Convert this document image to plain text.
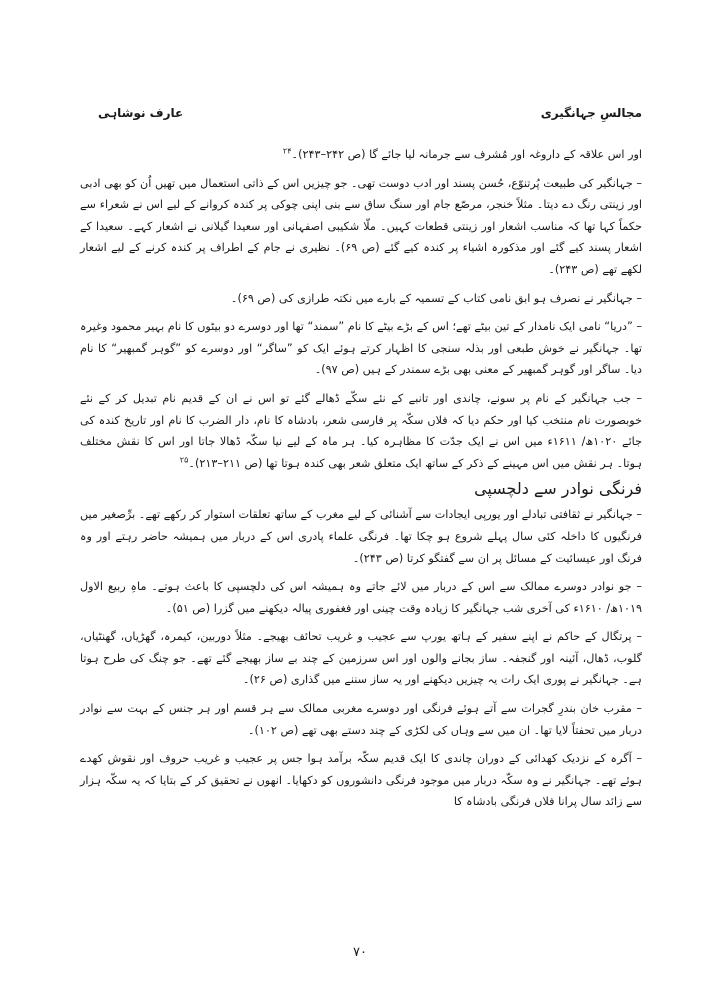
مجالسِ جہانگیری
عارف نوشاہی

اور اس علاقہ کے داروغہ اور مُشرف سے جرمانہ لیا جائے گا (ص ۲۴۲–۲۴۳)۔$^{۲۴}$

– جہانگیر کی طبیعت پُرتنوّع، حُسن پسند اور ادب دوست تھی۔ جو چیزیں اس کے ذاتی استعمال میں تھیں اُن کو بھی ادبی اور زینتی رنگ دے دیتا۔ مثلاً خنجر، مرصّع جام اور سنگ ساق سے بنی اپنی چوکی پر کندہ کروانے کے لیے اس نے شعراء سے حکماً کہا تھا کہ مناسب اشعار اور زینتی قطعات کہیں۔ ملّا شکیبی اصفہانی اور سعیدا گیلانی نے اشعار کہے۔ سعیدا کے اشعار پسند کیے گئے اور مذکورہ اشیاء پر کندہ کیے گئے (ص ۶۹)۔ نظیری نے جام کے اطراف پر کندہ کرنے کے لیے اشعار لکھے تھے (ص ۲۴۳)۔

– جہانگیر نے نصرف ہو ابق نامی کتاب کے تسمیہ کے بارے میں نکتہ طرازی کی (ص ۶۹)۔

– ”دریا“ نامی ایک نامدار کے تین بیٹے تھے؛ اس کے بڑے بیٹے کا نام ”سمند“ تھا اور دوسرے دو بیٹوں کا نام بہیر محمود وغیرہ تھا۔ جہانگیر نے خوش طبعی اور بذلہ سنجی کا اظہار کرتے ہوئے ایک کو ”ساگر“ اور دوسرے کو ”گوہر گمبھیر“ کا نام دیا۔ ساگر اور گوہر گمبھیر کے معنی بھی بڑے سمندر کے ہیں (ص ۹۷)۔

– جب جہانگیر کے نام پر سونے، چاندی اور تانبے کے نئے سکّے ڈھالے گئے تو اس نے ان کے قدیم نام تبدیل کر کے نئے خوبصورت نام منتخب کیا اور حکم دیا کہ فلاں سکّہ پر فارسی شعر، بادشاہ کا نام، دار الضرب کا نام اور تاریخ کندہ کی جائے ۱۰۲۰ھ/ ۱۶۱۱ء میں اس نے ایک جدّت کا مظاہرہ کیا۔ ہر ماہ کے لیے نیا سکّہ ڈھالا جاتا اور اس کا نقش مختلف ہوتا۔ ہر نقش میں اس مہینے کے ذکر کے ساتھ ایک متعلق شعر بھی کندہ ہوتا تھا (ص ۲۱۱–۲۱۳)۔$^{۲۵}$

فرنگی نوادر سے دلچسپی

– جہانگیر نے ثقافتی تبادلے اور یورپی ایجادات سے آشنائی کے لیے مغرب کے ساتھ تعلقات استوار کر رکھے تھے۔ برِّصغیر میں فرنگیوں کا داخلہ کئی سال پہلے شروع ہو چکا تھا۔ فرنگی علماء پادری اس کے دربار میں ہمیشہ حاضر رہتے اور وہ فرنگ اور عیسائیت کے مسائل پر ان سے گفتگو کرتا (ص ۲۴۳)۔

– جو نوادر دوسرے ممالک سے اس کے دربار میں لائے جاتے وہ ہمیشہ اس کی دلچسپی کا باعث ہوتے۔ ماہِ ربیع الاول ۱۰۱۹ھ/ ۱۶۱۰ء کی آخری شب جہانگیر کا زیادہ وقت چینی اور فغفوری پیالہ دیکھنے میں گزرا (ص ۵۱)۔

– پرتگال کے حاکم نے اپنے سفیر کے ہاتھ یورپ سے عجیب و غریب تحائف بھیجے۔ مثلاً دوربین، کیمرہ، گھڑیاں، گھنٹیاں، گلوب، ڈھال، آئینہ اور گنجفہ۔ ساز بجانے والوں اور اس سرزمین کے چند بے ساز بھیجے گئے تھے۔ جو چنگ کی طرح ہوتا ہے۔ جہانگیر نے پوری ایک رات یہ چیزیں دیکھنے اور یہ ساز سننے میں گذاری (ص ۲۶)۔

– مقرب خان بندرِ گجرات سے آتے ہوئے فرنگی اور دوسرے مغربی ممالک سے ہر قسم اور ہر جنس کے بہت سے نوادر دربار میں تحفتاً لایا تھا۔ ان میں سے وہاں کی لکڑی کے چند دستے بھی تھے (ص ۱۰۲)۔

– آگرہ کے نزدیک کھدائی کے دوران چاندی کا ایک قدیم سکّہ برآمد ہوا جس پر عجیب و غریب حروف اور نقوش کھدے ہوئے تھے۔ جہانگیر نے وہ سکّہ دربار میں موجود فرنگی دانشوروں کو دکھایا۔ انھوں نے تحقیق کر کے بتایا کہ یہ سکّہ ہزار سے زائد سال پرانا فلاں فرنگی بادشاہ کا

۷۰
